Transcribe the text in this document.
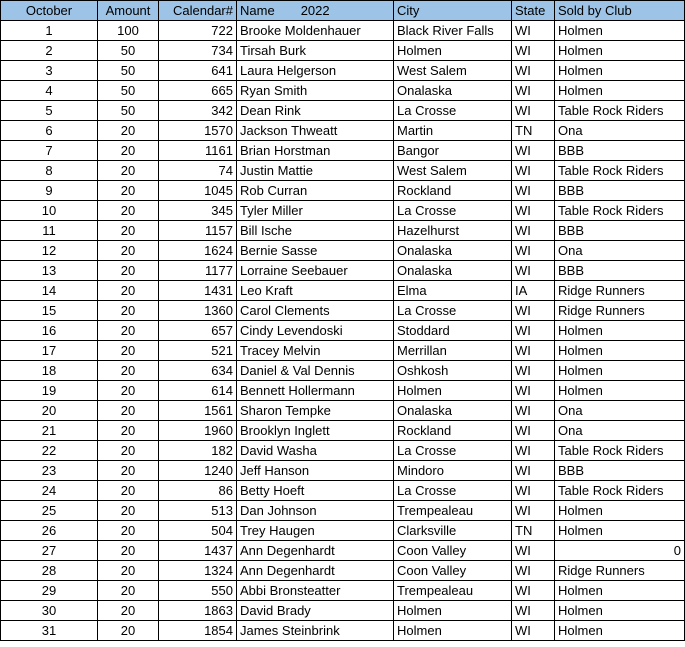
October	Amount	Calendar#	Name 2022	City	State	Sold by Club
1	100	722	Brooke Moldenhauer	Black River Falls	WI	Holmen
2	50	734	Tirsah Burk	Holmen	WI	Holmen
3	50	641	Laura Helgerson	West Salem	WI	Holmen
4	50	665	Ryan Smith	Onalaska	WI	Holmen
5	50	342	Dean Rink	La Crosse	WI	Table Rock Riders
6	20	1570	Jackson Thweatt	Martin	TN	Ona
7	20	1161	Brian Horstman	Bangor	WI	BBB
8	20	74	Justin Mattie	West Salem	WI	Table Rock Riders
9	20	1045	Rob Curran	Rockland	WI	BBB
10	20	345	Tyler Miller	La Crosse	WI	Table Rock Riders
11	20	1157	Bill Ische	Hazelhurst	WI	BBB
12	20	1624	Bernie Sasse	Onalaska	WI	Ona
13	20	1177	Lorraine Seebauer	Onalaska	WI	BBB
14	20	1431	Leo Kraft	Elma	IA	Ridge Runners
15	20	1360	Carol Clements	La Crosse	WI	Ridge Runners
16	20	657	Cindy Levendoski	Stoddard	WI	Holmen
17	20	521	Tracey Melvin	Merrillan	WI	Holmen
18	20	634	Daniel & Val Dennis	Oshkosh	WI	Holmen
19	20	614	Bennett Hollermann	Holmen	WI	Holmen
20	20	1561	Sharon Tempke	Onalaska	WI	Ona
21	20	1960	Brooklyn Inglett	Rockland	WI	Ona
22	20	182	David Washa	La Crosse	WI	Table Rock Riders
23	20	1240	Jeff Hanson	Mindoro	WI	BBB
24	20	86	Betty Hoeft	La Crosse	WI	Table Rock Riders
25	20	513	Dan Johnson	Trempealeau	WI	Holmen
26	20	504	Trey Haugen	Clarksville	TN	Holmen
27	20	1437	Ann Degenhardt	Coon Valley	WI	0
28	20	1324	Ann Degenhardt	Coon Valley	WI	Ridge Runners
29	20	550	Abbi Bronsteatter	Trempealeau	WI	Holmen
30	20	1863	David Brady	Holmen	WI	Holmen
31	20	1854	James Steinbrink	Holmen	WI	Holmen
